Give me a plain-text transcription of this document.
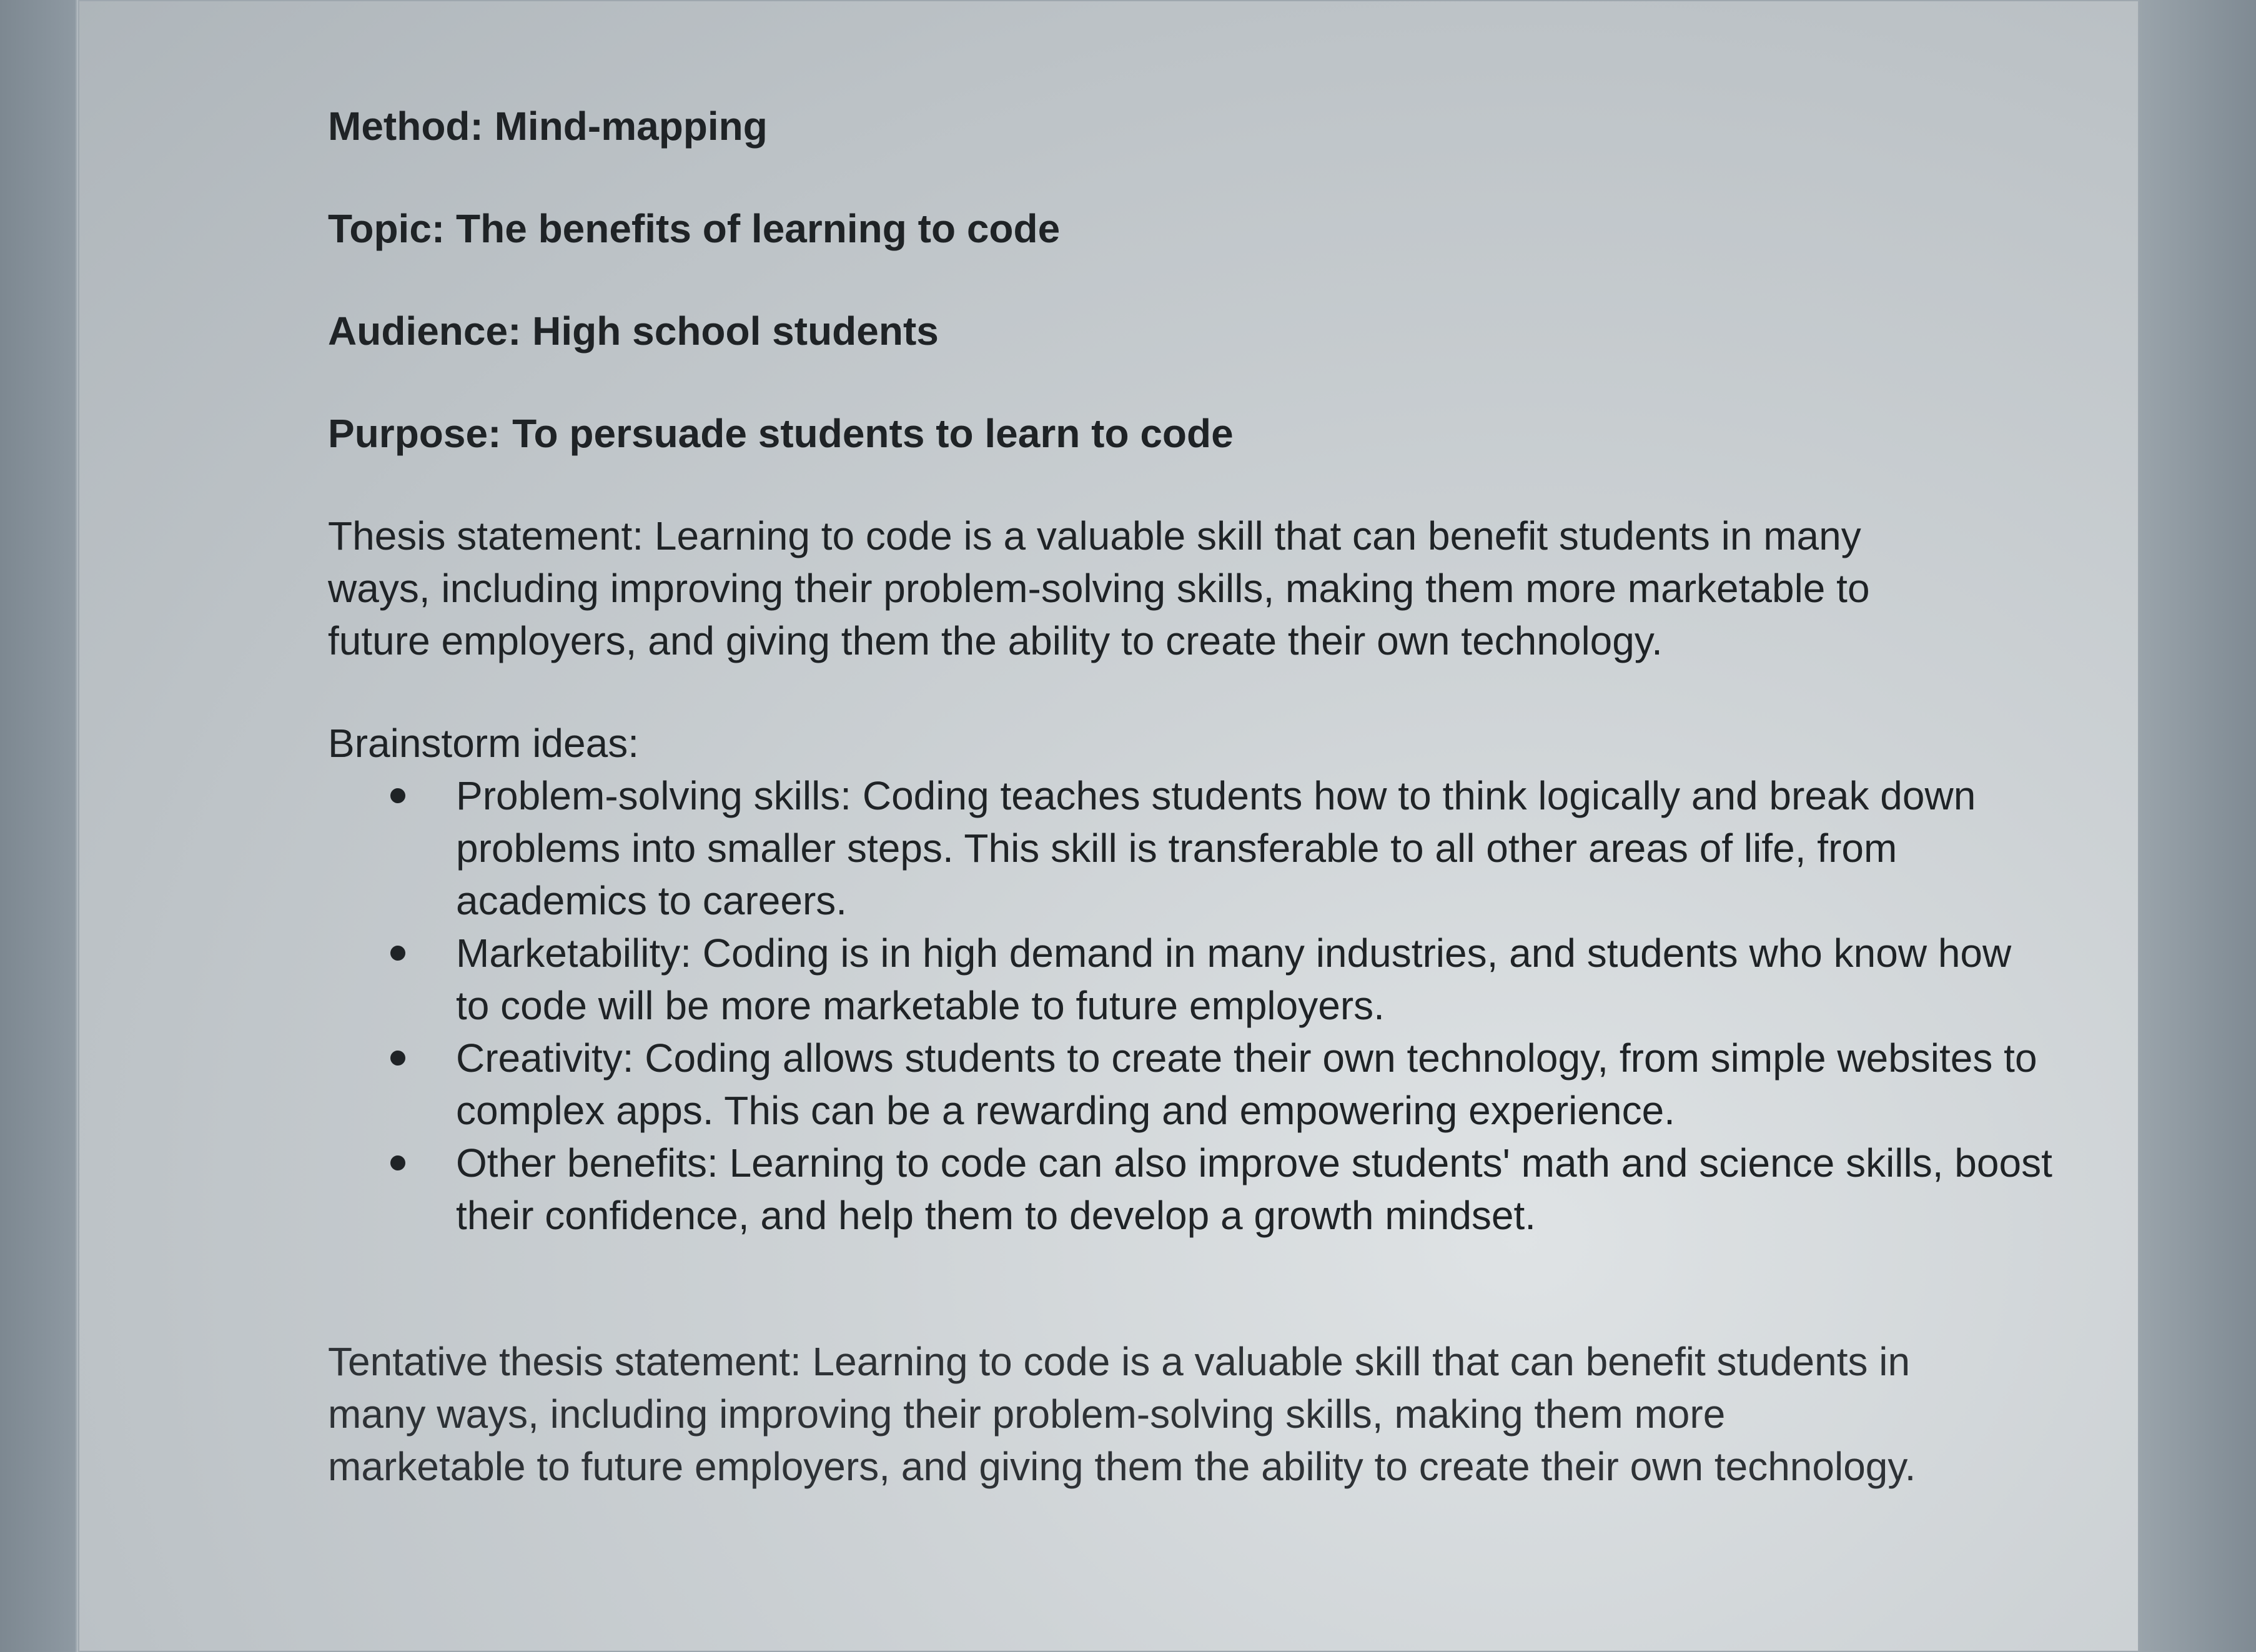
Method: Mind-mapping
Topic: The benefits of learning to code
Audience: High school students
Purpose: To persuade students to learn to code

Thesis statement: Learning to code is a valuable skill that can benefit students in many ways, including improving their problem-solving skills, making them more marketable to future employers, and giving them the ability to create their own technology.

Brainstorm ideas:

Problem-solving skills: Coding teaches students how to think logically and break down problems into smaller steps. This skill is transferable to all other areas of life, from academics to careers.
Marketability: Coding is in high demand in many industries, and students who know how to code will be more marketable to future employers.
Creativity: Coding allows students to create their own technology, from simple websites to complex apps. This can be a rewarding and empowering experience.
Other benefits: Learning to code can also improve students' math and science skills, boost their confidence, and help them to develop a growth mindset.

Tentative thesis statement: Learning to code is a valuable skill that can benefit students in many ways, including improving their problem-solving skills, making them more marketable to future employers, and giving them the ability to create their own technology.
